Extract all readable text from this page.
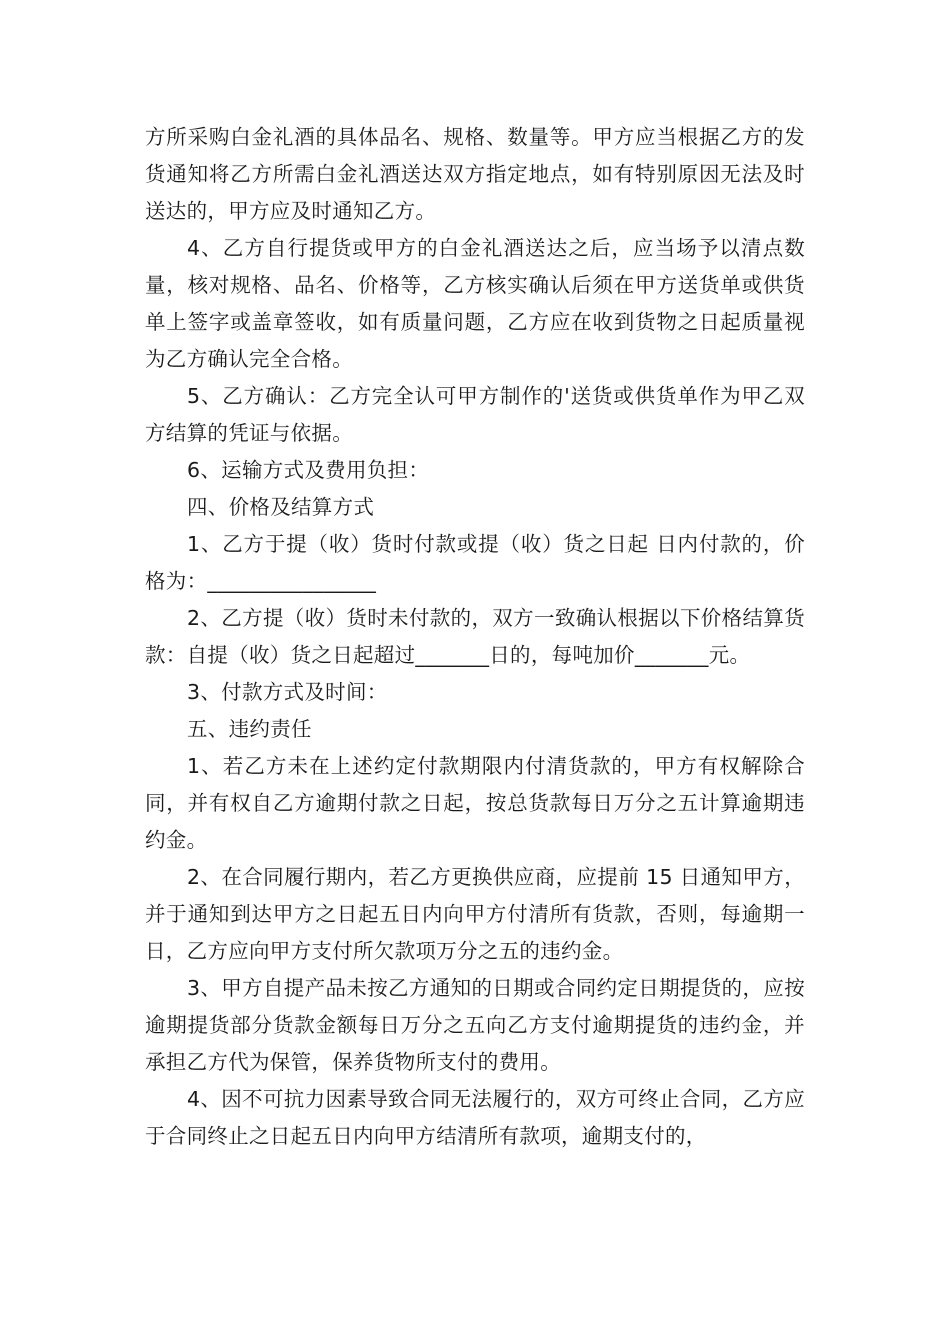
方所采购白金礼酒的具体品名、规格、数量等。甲方应当根据乙方的发货通知将乙方所需白金礼酒送达双方指定地点，如有特别原因无法及时送达的，甲方应及时通知乙方。

4、乙方自行提货或甲方的白金礼酒送达之后，应当场予以清点数量，核对规格、品名、价格等，乙方核实确认后须在甲方送货单或供货单上签字或盖章签收，如有质量问题，乙方应在收到货物之日起质量视为乙方确认完全合格。

5、乙方确认：乙方完全认可甲方制作的'送货或供货单作为甲乙双方结算的凭证与依据。

6、运输方式及费用负担：

四、价格及结算方式

1、乙方于提（收）货时付款或提（收）货之日起 日内付款的，价格为：________________

2、乙方提（收）货时未付款的，双方一致确认根据以下价格结算货款：自提（收）货之日起超过_______日的，每吨加价_______元。

3、付款方式及时间：

五、违约责任

1、若乙方未在上述约定付款期限内付清货款的，甲方有权解除合同，并有权自乙方逾期付款之日起，按总货款每日万分之五计算逾期违约金。

2、在合同履行期内，若乙方更换供应商，应提前 15 日通知甲方，并于通知到达甲方之日起五日内向甲方付清所有货款，否则，每逾期一日，乙方应向甲方支付所欠款项万分之五的违约金。

3、甲方自提产品未按乙方通知的日期或合同约定日期提货的，应按逾期提货部分货款金额每日万分之五向乙方支付逾期提货的违约金，并承担乙方代为保管，保养货物所支付的费用。

4、因不可抗力因素导致合同无法履行的，双方可终止合同，乙方应于合同终止之日起五日内向甲方结清所有款项，逾期支付的，
